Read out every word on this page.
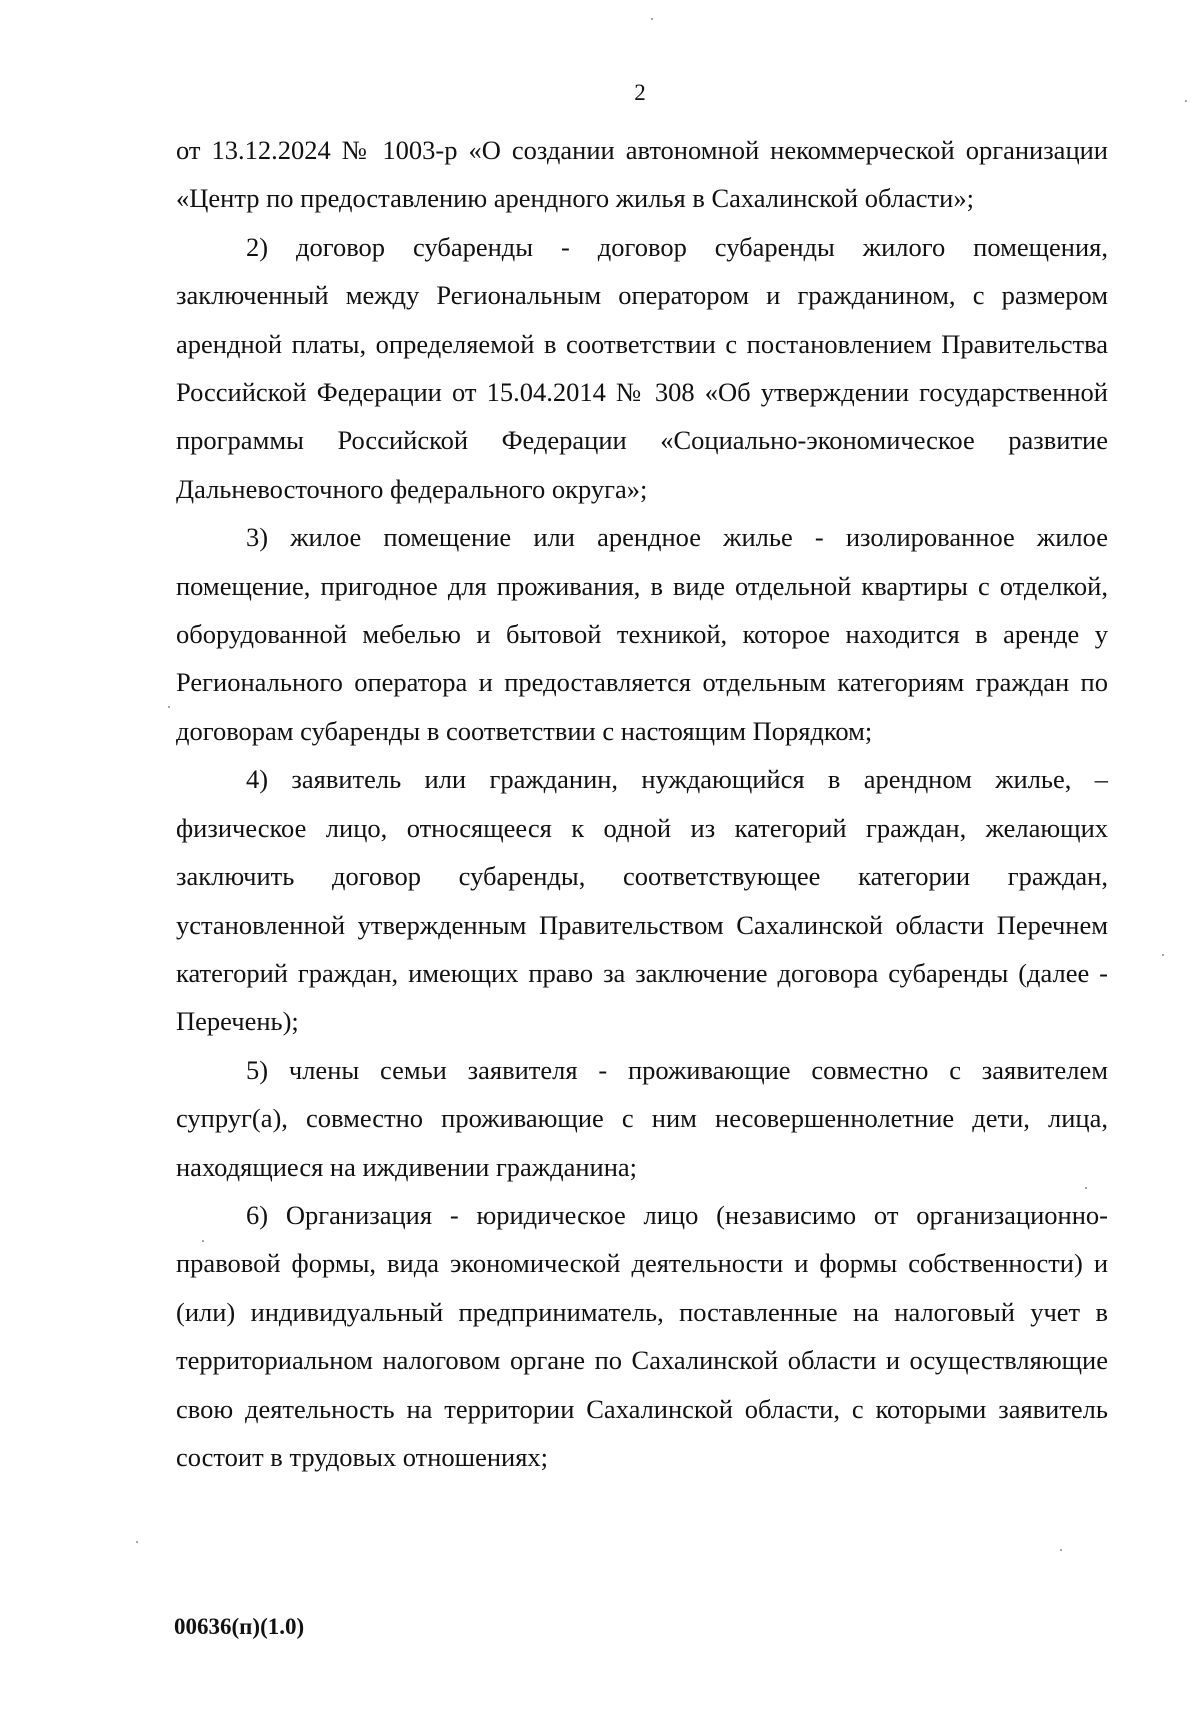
2

от 13.12.2024 № 1003-р «О создании автономной некоммерческой организации «Центр по предоставлению арендного жилья в Сахалинской области»;

2) договор субаренды - договор субаренды жилого помещения, заключенный между Региональным оператором и гражданином, с размером арендной платы, определяемой в соответствии с постановлением Правительства Российской Федерации от 15.04.2014 № 308 «Об утверждении государственной программы Российской Федерации «Социально-экономическое развитие Дальневосточного федерального округа»;

3) жилое помещение или арендное жилье - изолированное жилое помещение, пригодное для проживания, в виде отдельной квартиры с отделкой, оборудованной мебелью и бытовой техникой, которое находится в аренде у Регионального оператора и предоставляется отдельным категориям граждан по договорам субаренды в соответствии с настоящим Порядком;

4) заявитель или гражданин, нуждающийся в арендном жилье, – физическое лицо, относящееся к одной из категорий граждан, желающих заключить договор субаренды, соответствующее категории граждан, установленной утвержденным Правительством Сахалинской области Перечнем категорий граждан, имеющих право за заключение договора субаренды (далее - Перечень);

5) члены семьи заявителя - проживающие совместно с заявителем супруг(а), совместно проживающие с ним несовершеннолетние дети, лица, находящиеся на иждивении гражданина;

6) Организация - юридическое лицо (независимо от организационно-правовой формы, вида экономической деятельности и формы собственности) и (или) индивидуальный предприниматель, поставленные на налоговый учет в территориальном налоговом органе по Сахалинской области и осуществляющие свою деятельность на территории Сахалинской области, с которыми заявитель состоит в трудовых отношениях;

00636(п)(1.0)
